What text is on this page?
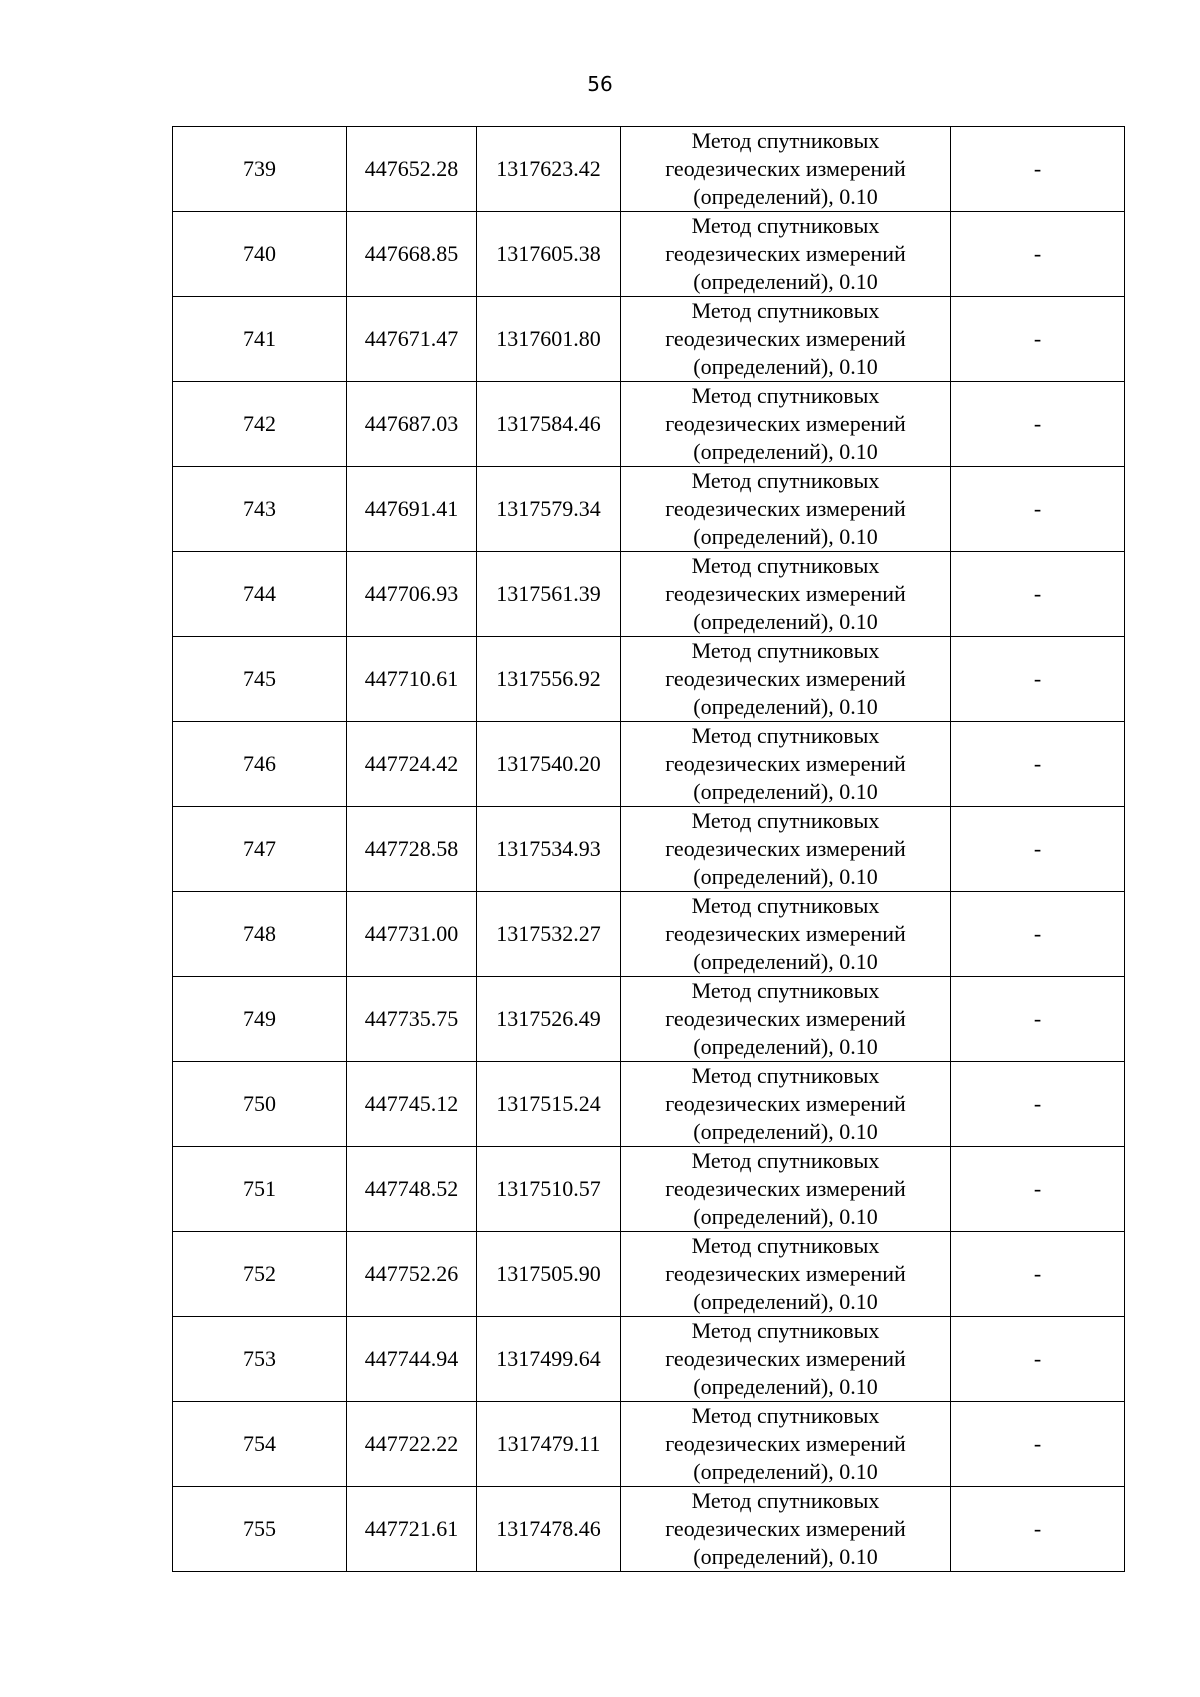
56
739	447652.28	1317623.42	Метод спутниковых
геодезических измерений
(определений), 0.10	-
740	447668.85	1317605.38	Метод спутниковых
геодезических измерений
(определений), 0.10	-
741	447671.47	1317601.80	Метод спутниковых
геодезических измерений
(определений), 0.10	-
742	447687.03	1317584.46	Метод спутниковых
геодезических измерений
(определений), 0.10	-
743	447691.41	1317579.34	Метод спутниковых
геодезических измерений
(определений), 0.10	-
744	447706.93	1317561.39	Метод спутниковых
геодезических измерений
(определений), 0.10	-
745	447710.61	1317556.92	Метод спутниковых
геодезических измерений
(определений), 0.10	-
746	447724.42	1317540.20	Метод спутниковых
геодезических измерений
(определений), 0.10	-
747	447728.58	1317534.93	Метод спутниковых
геодезических измерений
(определений), 0.10	-
748	447731.00	1317532.27	Метод спутниковых
геодезических измерений
(определений), 0.10	-
749	447735.75	1317526.49	Метод спутниковых
геодезических измерений
(определений), 0.10	-
750	447745.12	1317515.24	Метод спутниковых
геодезических измерений
(определений), 0.10	-
751	447748.52	1317510.57	Метод спутниковых
геодезических измерений
(определений), 0.10	-
752	447752.26	1317505.90	Метод спутниковых
геодезических измерений
(определений), 0.10	-
753	447744.94	1317499.64	Метод спутниковых
геодезических измерений
(определений), 0.10	-
754	447722.22	1317479.11	Метод спутниковых
геодезических измерений
(определений), 0.10	-
755	447721.61	1317478.46	Метод спутниковых
геодезических измерений
(определений), 0.10	-
